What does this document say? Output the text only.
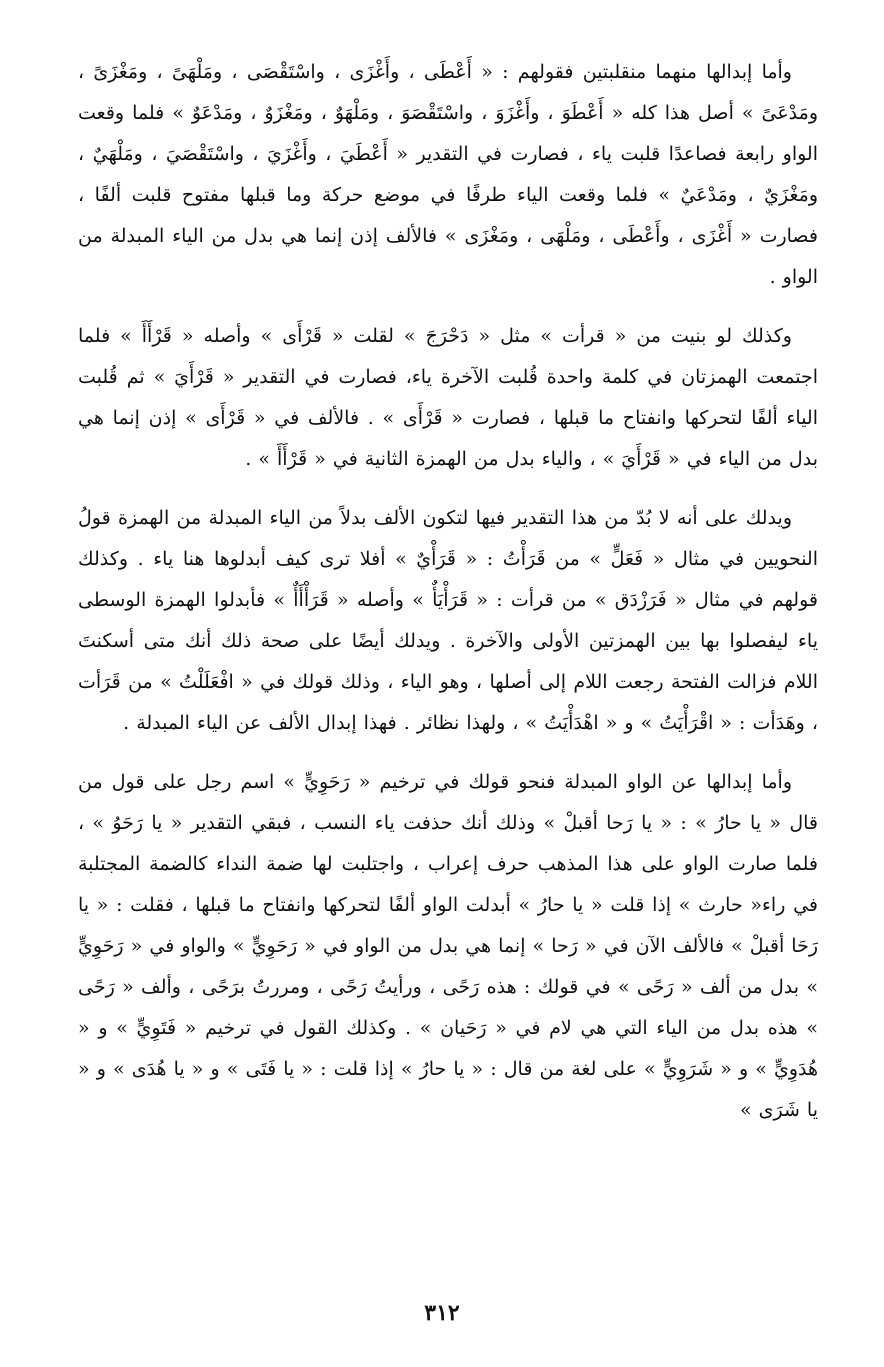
وأما إبدالها منهما منقلبتين فقولهم : « أَعْطَى ، وأَغْزَى ، واسْتَقْصَى ، ومَلْهَىً ، ومَغْزَىً ، ومَدْعَىً » أصل هذا كله « أَعْطَوَ ، وأَغْزَوَ ، واسْتَقْصَوَ ، ومَلْهَوٌ ، ومَغْزَوٌ ، ومَدْعَوٌ » فلما وقعت الواو رابعة فصاعدًا قلبت ياء ، فصارت في التقدير « أَعْطَيَ ، وأَغْزَيَ ، واسْتَقْصَيَ ، ومَلْهَيٌ ، ومَغْزَيٌ ، ومَدْعَيٌ » فلما وقعت الياء طرفًا في موضع حركة وما قبلها مفتوح قلبت ألفًا ، فصارت « أَغْزَى ، وأَعْطَى ، ومَلْهَى ، ومَغْزَى » فالألف إذن إنما هي بدل من الياء المبدلة من الواو .

وكذلك لو بنيت من « قرأت » مثل « دَحْرَجَ » لقلت « قَرْأَى » وأصله « قَرْأَأَ » فلما اجتمعت الهمزتان في كلمة واحدة قُلبت الآخرة ياء، فصارت في التقدير « قَرْأَيَ » ثم قُلبت الياء ألفًا لتحركها وانفتاح ما قبلها ، فصارت « قَرْأَى » . فالألف في « قَرْأَى » إذن إنما هي بدل من الياء في « قَرْأَيَ » ، والياء بدل من الهمزة الثانية في « قَرْأَأَ » .

ويدلك على أنه لا بُدّ من هذا التقدير فيها لتكون الألف بدلاً من الياء المبدلة من الهمزة قولُ النحويين في مثال « فَعَلٍّ » من قَرَأْتُ : « قَرَأْيٌ » أفلا ترى كيف أبدلوها هنا ياء . وكذلك قولهم في مثال « فَرَزْدَق » من قرأت : « قَرَأْيَأٌ » وأصله « قَرَأْأَأٌ » فأبدلوا الهمزة الوسطى ياء ليفصلوا بها بين الهمزتين الأولى والآخرة . ويدلك أيضًا على صحة ذلك أنك متى أسكنتَ اللام فزالت الفتحة رجعت اللام إلى أصلها ، وهو الياء ، وذلك قولك في « افْعَلَلْتُ » من قَرَأت ، وهَدَأت : « اقْرَأْيَتُ » و « اهْدَأْيَتُ » ، ولهذا نظائر . فهذا إبدال الألف عن الياء المبدلة .

وأما إبدالها عن الواو المبدلة فنحو قولك في ترخيم « رَحَوِيٍّ » اسم رجل على قول من قال « يا حارُ » : « يا رَحا أقبلْ » وذلك أنك حذفت ياء النسب ، فبقي التقدير « يا رَحَوُ » ، فلما صارت الواو على هذا المذهب حرف إعراب ، واجتلبت لها ضمة النداء كالضمة المجتلبة في راء« حارث » إذا قلت « يا حارُ » أبدلت الواو ألفًا لتحركها وانفتاح ما قبلها ، فقلت : « يا رَحَا أقبلْ » فالألف الآن في « رَحا » إنما هي بدل من الواو في « رَحَوِيٍّ » والواو في « رَحَوِيٍّ » بدل من ألف « رَحًى » في قولك : هذه رَحًى ، ورأيتُ رَحًى ، ومررتُ برَحًى ، وألف « رَحًى » هذه بدل من الياء التي هي لام في « رَحَيان » . وكذلك القول في ترخيم « فَتَوِيٍّ » و « هُدَوِيٍّ » و « شَرَوِيٍّ » على لغة من قال : « يا حارُ » إذا قلت : « يا فَتَى » و « يا هُدَى » و « يا شَرَى »

٣١٢
